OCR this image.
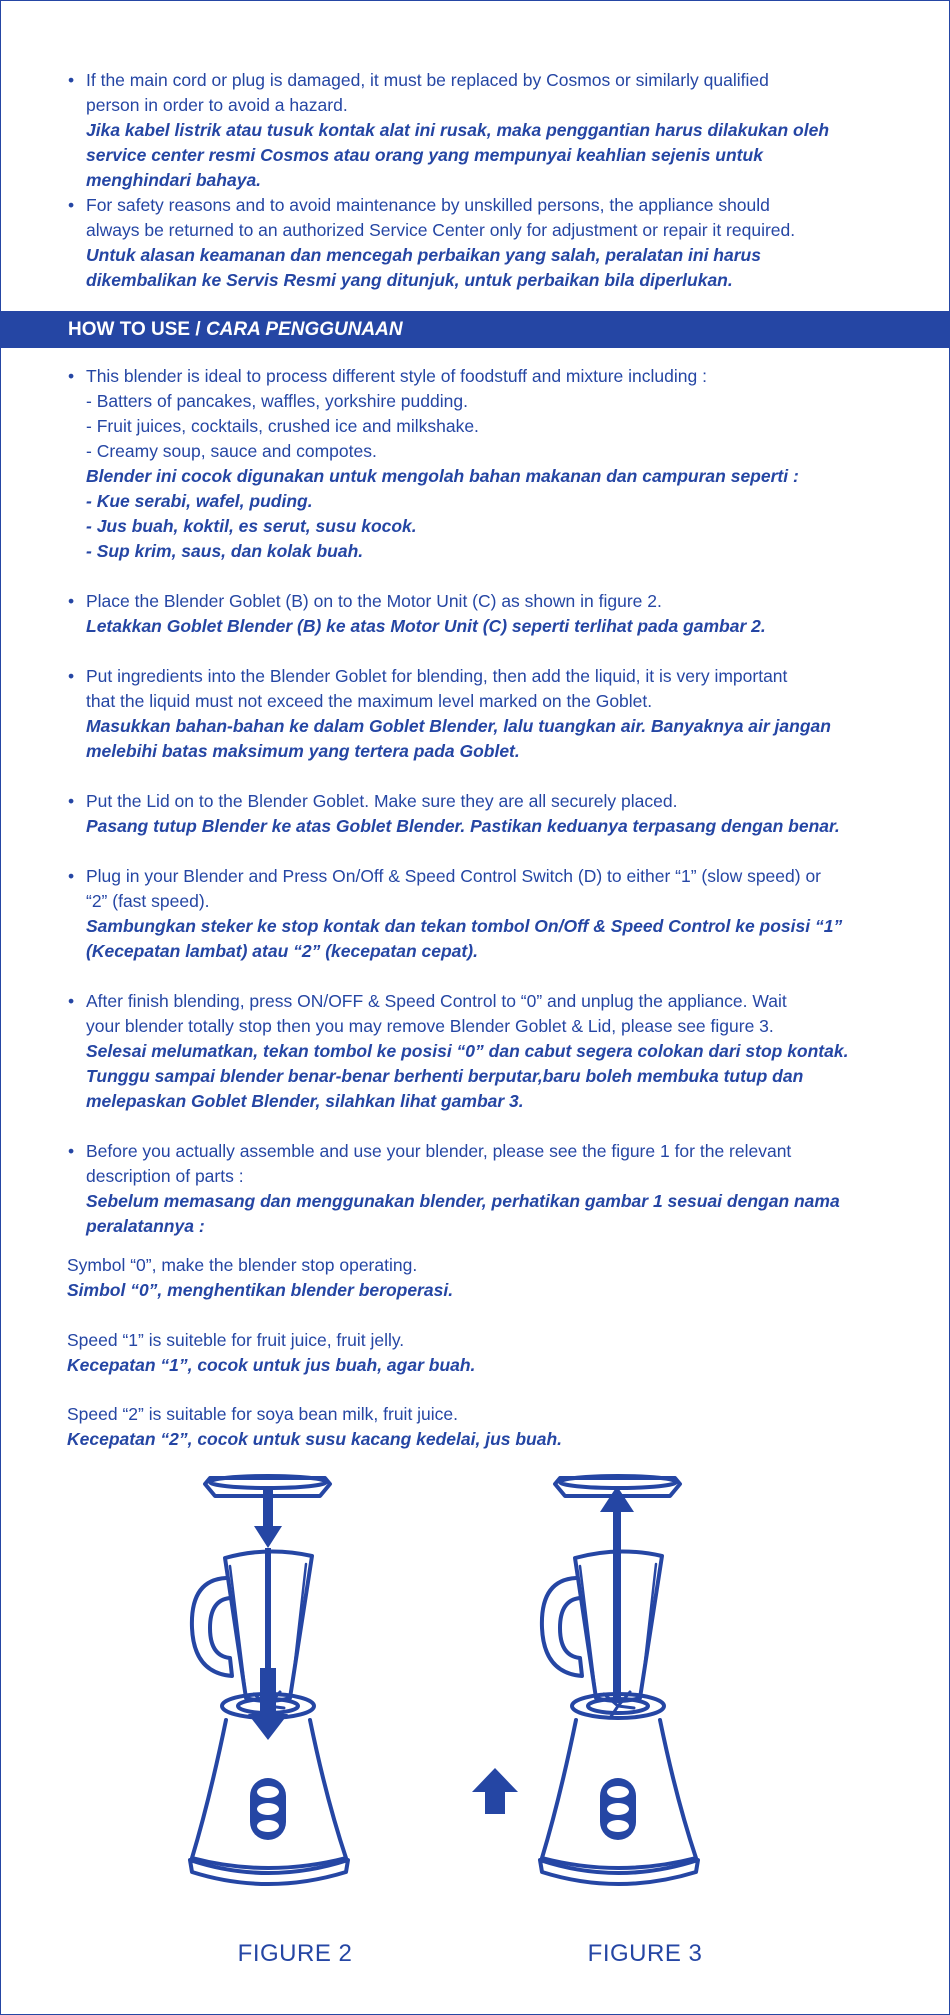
• If the main cord or plug is damaged, it must be replaced by Cosmos or similarly qualified
person in order to avoid a hazard.

Jika kabel listrik atau tusuk kontak alat ini rusak, maka penggantian harus dilakukan oleh
service center resmi Cosmos atau orang yang mempunyai keahlian sejenis untuk
menghindari bahaya.

• For safety reasons and to avoid maintenance by unskilled persons, the appliance should
always be returned to an authorized Service Center only for adjustment or repair it required.

Untuk alasan keamanan dan mencegah perbaikan yang salah, peralatan ini harus
dikembalikan ke Servis Resmi yang ditunjuk, untuk perbaikan bila diperlukan.

HOW TO USE / CARA PENGGUNAAN

• This blender is ideal to process different style of foodstuff and mixture including :
- Batters of pancakes, waffles, yorkshire pudding.
- Fruit juices, cocktails, crushed ice and milkshake.
- Creamy soup, sauce and compotes.

Blender ini cocok digunakan untuk mengolah bahan makanan dan campuran seperti :
- Kue serabi, wafel, puding.
- Jus buah, koktil, es serut, susu kocok.
- Sup krim, saus, dan kolak buah.

• Place the Blender Goblet (B) on to the Motor Unit (C) as shown in figure 2.

Letakkan Goblet Blender (B) ke atas Motor Unit (C) seperti terlihat pada gambar 2.

• Put ingredients into the Blender Goblet for blending, then add the liquid, it is very important
that the liquid must not exceed the maximum level marked on the Goblet.

Masukkan bahan-bahan ke dalam Goblet Blender, lalu tuangkan air. Banyaknya air jangan
melebihi batas maksimum yang tertera pada Goblet.

• Put the Lid on to the Blender Goblet. Make sure they are all securely placed.

Pasang tutup Blender ke atas Goblet Blender. Pastikan keduanya terpasang dengan benar.

• Plug in your Blender and Press On/Off & Speed Control Switch (D) to either “1” (slow speed) or
“2” (fast speed).

Sambungkan steker ke stop kontak dan tekan tombol On/Off & Speed Control ke posisi “1”
(Kecepatan lambat) atau “2” (kecepatan cepat).

• After finish blending, press ON/OFF & Speed Control to “0” and unplug the appliance. Wait
your blender totally stop then you may remove Blender Goblet & Lid, please see figure 3.

Selesai melumatkan, tekan tombol ke posisi “0” dan cabut segera colokan dari stop kontak.
Tunggu sampai blender benar-benar berhenti berputar,baru boleh membuka tutup dan
melepaskan Goblet Blender, silahkan lihat gambar 3.

• Before you actually assemble and use your blender, please see the figure 1 for the relevant
description of parts :

Sebelum memasang dan menggunakan blender, perhatikan gambar 1 sesuai dengan nama
peralatannya :

Symbol “0”, make the blender stop operating.

Simbol “0”, menghentikan blender beroperasi.

Speed “1” is suiteble for fruit juice, fruit jelly.

Kecepatan “1”, cocok untuk jus buah, agar buah.

Speed “2” is suitable for soya bean milk, fruit juice.

Kecepatan “2”, cocok untuk susu kacang kedelai, jus buah.

FIGURE 2	FIGURE 3
